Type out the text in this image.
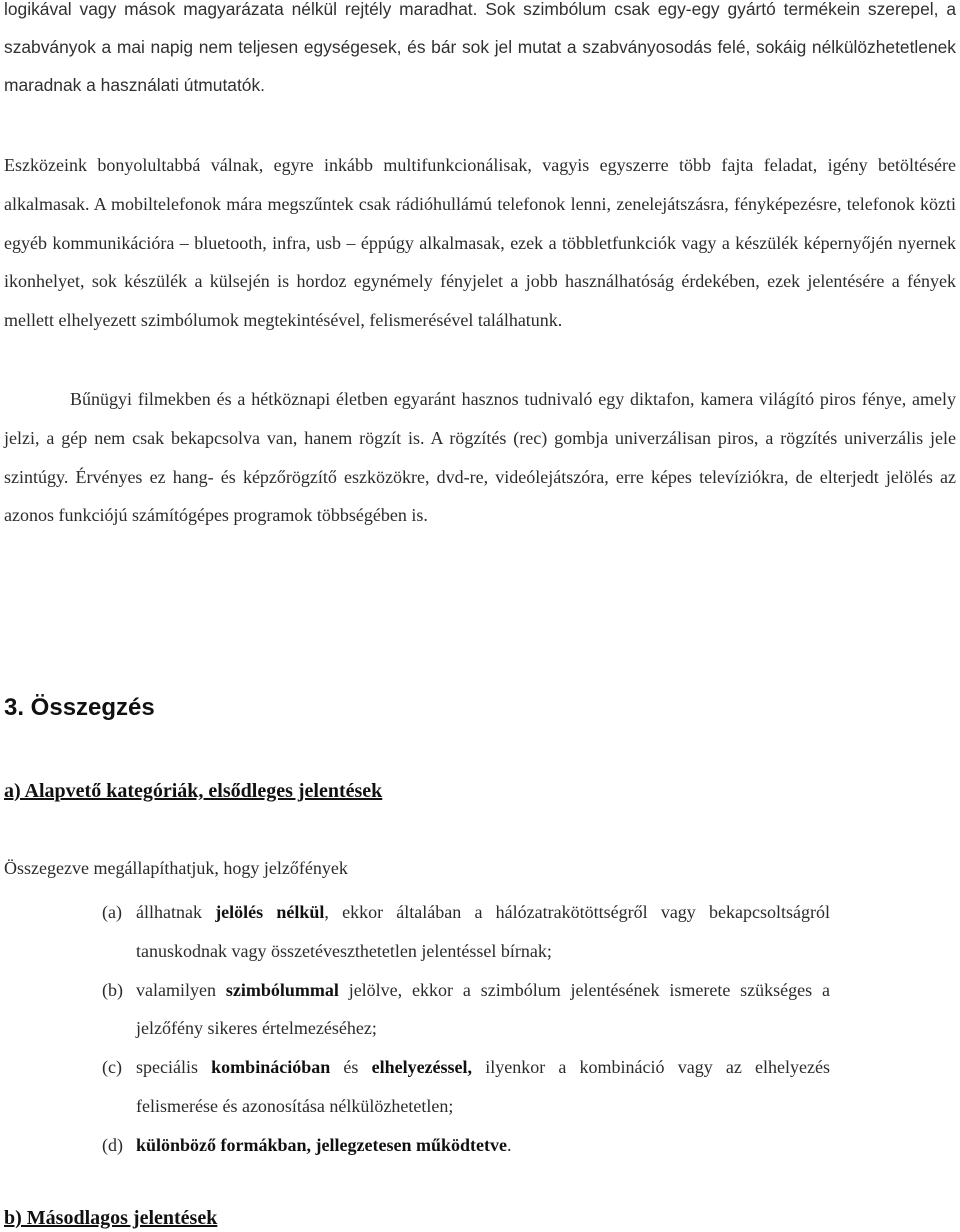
logikával vagy mások magyarázata nélkül rejtély maradhat. Sok szimbólum csak egy-egy gyártó termékein szerepel, a szabványok a mai napig nem teljesen egységesek, és bár sok jel mutat a szabványosodás felé, sokáig nélkülözhetetlenek maradnak a használati útmutatók.

Eszközeink bonyolultabbá válnak, egyre inkább multifunkcionálisak, vagyis egyszerre több fajta feladat, igény betöltésére alkalmasak. A mobiltelefonok mára megszűntek csak rádióhullámú telefonok lenni, zenelejátszásra, fényképezésre, telefonok közti egyéb kommunikációra – bluetooth, infra, usb – éppúgy alkalmasak, ezek a többletfunkciók vagy a készülék képernyőjén nyernek ikonhelyet, sok készülék a külsején is hordoz egynémely fényjelet a jobb használhatóság érdekében, ezek jelentésére a fények mellett elhelyezett szimbólumok megtekintésével, felismerésével találhatunk.

Bűnügyi filmekben és a hétköznapi életben egyaránt hasznos tudnivaló egy diktafon, kamera világító piros fénye, amely jelzi, a gép nem csak bekapcsolva van, hanem rögzít is. A rögzítés (rec) gombja univerzálisan piros, a rögzítés univerzális jele szintúgy. Érvényes ez hang- és képzőrögzítő eszközökre, dvd-re, videólejátszóra, erre képes televíziókra, de elterjedt jelölés az azonos funkciójú számítógépes programok többségében is.

3. Összegzés
a) Alapvető kategóriák, elsődleges jelentések

Összegezve megállapíthatjuk, hogy jelzőfények

(a) állhatnak jelölés nélkül, ekkor általában a hálózatrakötöttségről vagy bekapcsoltságról tanuskodnak vagy összetéveszthetetlen jelentéssel bírnak;
(b) valamilyen szimbólummal jelölve, ekkor a szimbólum jelentésének ismerete szükséges a jelzőfény sikeres értelmezéséhez;
(c) speciális kombinációban és elhelyezéssel, ilyenkor a kombináció vagy az elhelyezés felismerése és azonosítása nélkülözhetetlen;
(d) különböző formákban, jellegzetesen működtetve.
b) Másodlagos jelentések
